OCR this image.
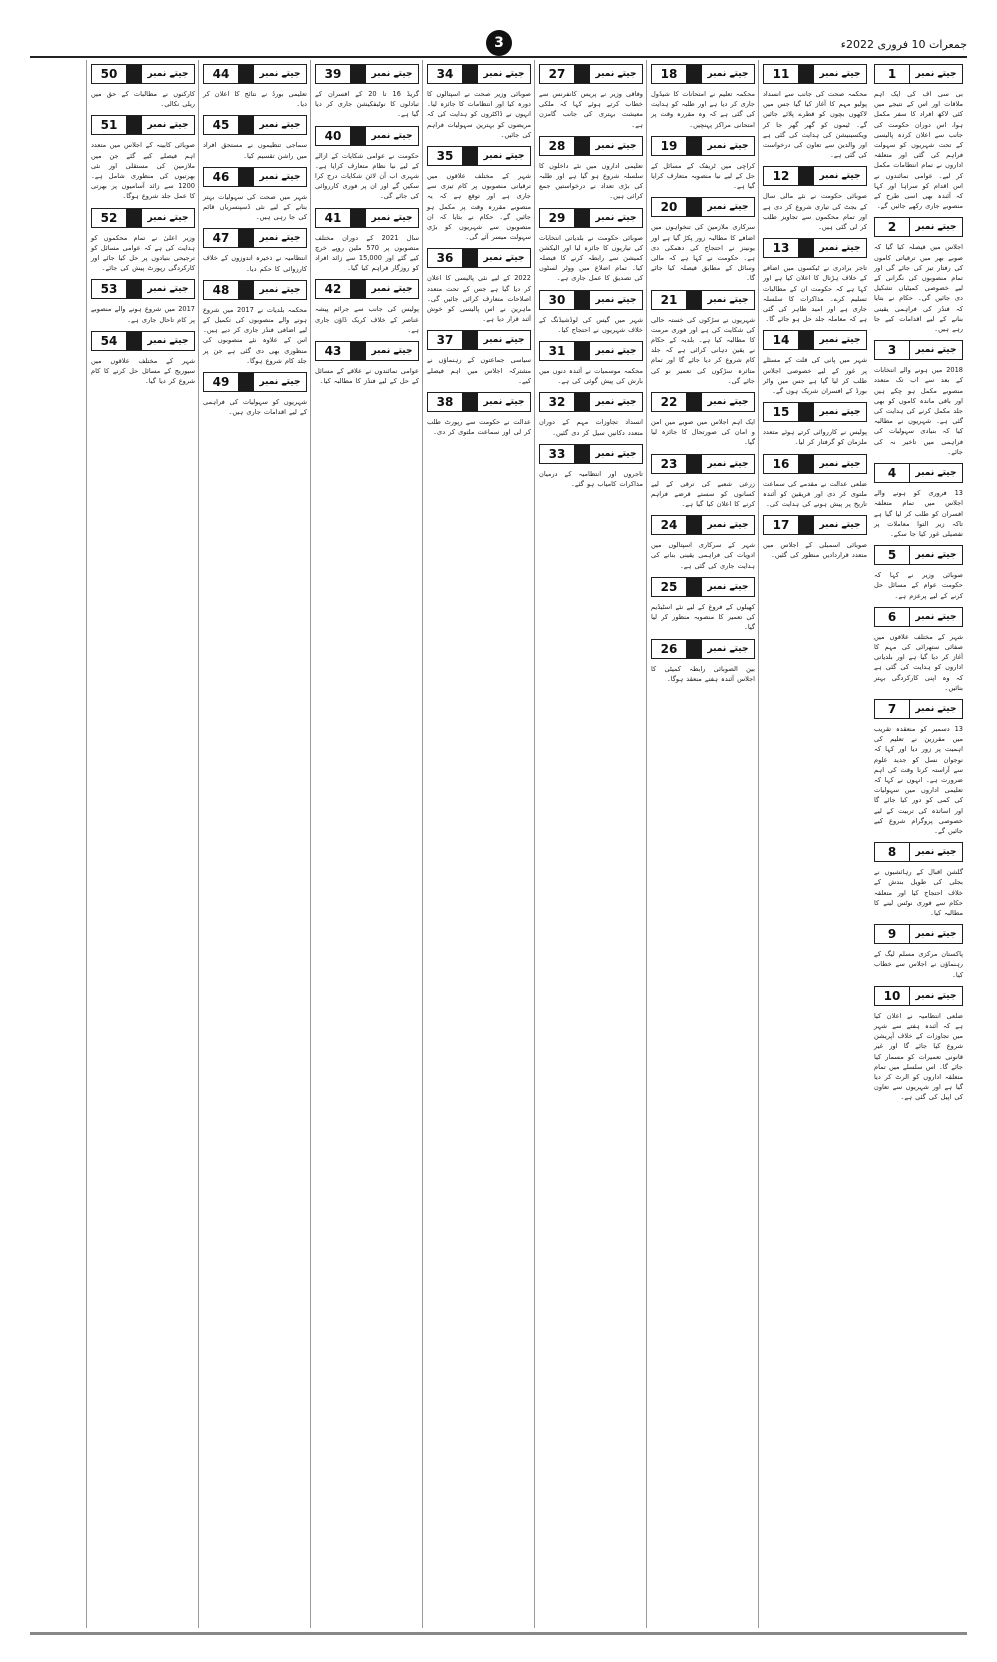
3	جمعرات 10 فروری 2022ء
1	جیتے نمبر
بی سی اف کی ایک اہم ملاقات اور اس کے نتیجے میں کئی لاکھ افراد کا سفر مکمل ہوا، اس دوران حکومت کی جانب سے اعلان کردہ پالیسی کے تحت شہریوں کو سہولت فراہم کی گئی اور متعلقہ اداروں نے تمام انتظامات مکمل کر لیے۔ عوامی نمائندوں نے اس اقدام کو سراہا اور کہا کہ آئندہ بھی اسی طرح کے منصوبے جاری رکھے جائیں گے۔
2	جیتے نمبر
اجلاس میں فیصلہ کیا گیا کہ صوبے بھر میں ترقیاتی کاموں کی رفتار تیز کی جائے گی اور تمام منصوبوں کی نگرانی کے لیے خصوصی کمیٹیاں تشکیل دی جائیں گی۔ حکام نے بتایا کہ فنڈز کی فراہمی یقینی بنانے کے لیے اقدامات کیے جا رہے ہیں۔
3	جیتے نمبر
2018 میں ہونے والے انتخابات کے بعد سے اب تک متعدد منصوبے مکمل ہو چکے ہیں اور باقی ماندہ کاموں کو بھی جلد مکمل کرنے کی ہدایت کی گئی ہے۔ شہریوں نے مطالبہ کیا کہ بنیادی سہولیات کی فراہمی میں تاخیر نہ کی جائے۔
4	جیتے نمبر
13 فروری کو ہونے والے اجلاس میں تمام متعلقہ افسران کو طلب کر لیا گیا ہے تاکہ زیر التوا معاملات پر تفصیلی غور کیا جا سکے۔
5	جیتے نمبر
صوبائی وزیر نے کہا کہ حکومت عوام کے مسائل حل کرنے کے لیے پرعزم ہے۔
6	جیتے نمبر
شہر کے مختلف علاقوں میں صفائی ستھرائی کی مہم کا آغاز کر دیا گیا ہے اور بلدیاتی اداروں کو ہدایت کی گئی ہے کہ وہ اپنی کارکردگی بہتر بنائیں۔
7	جیتے نمبر
13 دسمبر کو منعقدہ تقریب میں مقررین نے تعلیم کی اہمیت پر زور دیا اور کہا کہ نوجوان نسل کو جدید علوم سے آراستہ کرنا وقت کی اہم ضرورت ہے۔ انہوں نے کہا کہ تعلیمی اداروں میں سہولیات کی کمی کو دور کیا جائے گا اور اساتذہ کی تربیت کے لیے خصوصی پروگرام شروع کیے جائیں گے۔
8	جیتے نمبر
گلشن اقبال کے رہائشیوں نے بجلی کی طویل بندش کے خلاف احتجاج کیا اور متعلقہ حکام سے فوری نوٹس لینے کا مطالبہ کیا۔
9	جیتے نمبر
پاکستان مرکزی مسلم لیگ کے رہنماؤں نے اجلاس سے خطاب کیا۔
10	جیتے نمبر
ضلعی انتظامیہ نے اعلان کیا ہے کہ آئندہ ہفتے سے شہر میں تجاوزات کے خلاف آپریشن شروع کیا جائے گا اور غیر قانونی تعمیرات کو مسمار کیا جائے گا۔ اس سلسلے میں تمام متعلقہ اداروں کو الرٹ کر دیا گیا ہے اور شہریوں سے تعاون کی اپیل کی گئی ہے۔
11	جیتے نمبر
محکمہ صحت کی جانب سے انسداد پولیو مہم کا آغاز کیا گیا جس میں لاکھوں بچوں کو قطرے پلائے جائیں گے۔ ٹیموں کو گھر گھر جا کر ویکسینیشن کی ہدایت کی گئی ہے اور والدین سے تعاون کی درخواست کی گئی ہے۔
12	جیتے نمبر
صوبائی حکومت نے نئے مالی سال کے بجٹ کی تیاری شروع کر دی ہے اور تمام محکموں سے تجاویز طلب کر لی گئی ہیں۔
13	جیتے نمبر
تاجر برادری نے ٹیکسوں میں اضافے کے خلاف ہڑتال کا اعلان کیا ہے اور کہا ہے کہ حکومت ان کے مطالبات تسلیم کرے۔ مذاکرات کا سلسلہ جاری ہے اور امید ظاہر کی گئی ہے کہ معاملہ جلد حل ہو جائے گا۔
14	جیتے نمبر
شہر میں پانی کی قلت کے مسئلے پر غور کے لیے خصوصی اجلاس طلب کر لیا گیا ہے جس میں واٹر بورڈ کے افسران شریک ہوں گے۔
15	جیتے نمبر
پولیس نے کارروائی کرتے ہوئے متعدد ملزمان کو گرفتار کر لیا۔
16	جیتے نمبر
ضلعی عدالت نے مقدمے کی سماعت ملتوی کر دی اور فریقین کو آئندہ تاریخ پر پیش ہونے کی ہدایت کی۔
17	جیتے نمبر
صوبائی اسمبلی کے اجلاس میں متعدد قراردادیں منظور کی گئیں۔
18	جیتے نمبر
محکمہ تعلیم نے امتحانات کا شیڈول جاری کر دیا ہے اور طلبہ کو ہدایت کی گئی ہے کہ وہ مقررہ وقت پر امتحانی مراکز پہنچیں۔
19	جیتے نمبر
کراچی میں ٹریفک کے مسائل کے حل کے لیے نیا منصوبہ متعارف کرایا گیا ہے۔
20	جیتے نمبر
سرکاری ملازمین کی تنخواہوں میں اضافے کا مطالبہ زور پکڑ گیا ہے اور یونینز نے احتجاج کی دھمکی دی ہے۔ حکومت نے کہا ہے کہ مالی وسائل کے مطابق فیصلہ کیا جائے گا۔
21	جیتے نمبر
شہریوں نے سڑکوں کی خستہ حالی کی شکایت کی ہے اور فوری مرمت کا مطالبہ کیا ہے۔ بلدیہ کے حکام نے یقین دہانی کرائی ہے کہ جلد کام شروع کر دیا جائے گا اور تمام متاثرہ سڑکوں کی تعمیر نو کی جائے گی۔
22	جیتے نمبر
ایک اہم اجلاس میں صوبے میں امن و امان کی صورتحال کا جائزہ لیا گیا۔
23	جیتے نمبر
زرعی شعبے کی ترقی کے لیے کسانوں کو سستے قرضے فراہم کرنے کا اعلان کیا گیا ہے۔
24	جیتے نمبر
شہر کے سرکاری اسپتالوں میں ادویات کی فراہمی یقینی بنانے کی ہدایت جاری کی گئی ہے۔
25	جیتے نمبر
کھیلوں کے فروغ کے لیے نئے اسٹیڈیم کی تعمیر کا منصوبہ منظور کر لیا گیا۔
26	جیتے نمبر
بین الصوبائی رابطہ کمیٹی کا اجلاس آئندہ ہفتے منعقد ہوگا۔
27	جیتے نمبر
وفاقی وزیر نے پریس کانفرنس سے خطاب کرتے ہوئے کہا کہ ملکی معیشت بہتری کی جانب گامزن ہے۔
28	جیتے نمبر
تعلیمی اداروں میں نئے داخلوں کا سلسلہ شروع ہو گیا ہے اور طلبہ کی بڑی تعداد نے درخواستیں جمع کرائی ہیں۔
29	جیتے نمبر
صوبائی حکومت نے بلدیاتی انتخابات کی تیاریوں کا جائزہ لیا اور الیکشن کمیشن سے رابطہ کرنے کا فیصلہ کیا۔ تمام اضلاع میں ووٹر لسٹوں کی تصدیق کا عمل جاری ہے۔
30	جیتے نمبر
شہر میں گیس کی لوڈشیڈنگ کے خلاف شہریوں نے احتجاج کیا۔
31	جیتے نمبر
محکمہ موسمیات نے آئندہ دنوں میں بارش کی پیش گوئی کی ہے۔
32	جیتے نمبر
انسداد تجاوزات مہم کے دوران متعدد دکانیں سیل کر دی گئیں۔
33	جیتے نمبر
تاجروں اور انتظامیہ کے درمیان مذاکرات کامیاب ہو گئے۔
34	جیتے نمبر
صوبائی وزیر صحت نے اسپتالوں کا دورہ کیا اور انتظامات کا جائزہ لیا۔ انہوں نے ڈاکٹروں کو ہدایت کی کہ مریضوں کو بہترین سہولیات فراہم کی جائیں۔
35	جیتے نمبر
شہر کے مختلف علاقوں میں ترقیاتی منصوبوں پر کام تیزی سے جاری ہے اور توقع ہے کہ یہ منصوبے مقررہ وقت پر مکمل ہو جائیں گے۔ حکام نے بتایا کہ ان منصوبوں سے شہریوں کو بڑی سہولت میسر آئے گی۔
36	جیتے نمبر
2022 کے لیے نئی پالیسی کا اعلان کر دیا گیا ہے جس کے تحت متعدد اصلاحات متعارف کرائی جائیں گی۔ ماہرین نے اس پالیسی کو خوش آئند قرار دیا ہے۔
37	جیتے نمبر
سیاسی جماعتوں کے رہنماؤں نے مشترکہ اجلاس میں اہم فیصلے کیے۔
38	جیتے نمبر
عدالت نے حکومت سے رپورٹ طلب کر لی اور سماعت ملتوی کر دی۔
39	جیتے نمبر
گریڈ 16 تا 20 کے افسران کے تبادلوں کا نوٹیفکیشن جاری کر دیا گیا ہے۔
40	جیتے نمبر
حکومت نے عوامی شکایات کے ازالے کے لیے نیا نظام متعارف کرایا ہے۔ شہری اب آن لائن شکایات درج کرا سکیں گے اور ان پر فوری کارروائی کی جائے گی۔
41	جیتے نمبر
سال 2021 کے دوران مختلف منصوبوں پر 570 ملین روپے خرچ کیے گئے اور 15,000 سے زائد افراد کو روزگار فراہم کیا گیا۔
42	جیتے نمبر
پولیس کی جانب سے جرائم پیشہ عناصر کے خلاف کریک ڈاؤن جاری ہے۔
43	جیتے نمبر
عوامی نمائندوں نے علاقے کے مسائل کے حل کے لیے فنڈز کا مطالبہ کیا۔
44	جیتے نمبر
تعلیمی بورڈ نے نتائج کا اعلان کر دیا۔
45	جیتے نمبر
سماجی تنظیموں نے مستحق افراد میں راشن تقسیم کیا۔
46	جیتے نمبر
شہر میں صحت کی سہولیات بہتر بنانے کے لیے نئی ڈسپنسریاں قائم کی جا رہی ہیں۔
47	جیتے نمبر
انتظامیہ نے ذخیرہ اندوزوں کے خلاف کارروائی کا حکم دیا۔
48	جیتے نمبر
محکمہ بلدیات نے 2017 میں شروع ہونے والے منصوبوں کی تکمیل کے لیے اضافی فنڈز جاری کر دیے ہیں۔ اس کے علاوہ نئے منصوبوں کی منظوری بھی دی گئی ہے جن پر جلد کام شروع ہوگا۔
49	جیتے نمبر
شہریوں کو سہولیات کی فراہمی کے لیے اقدامات جاری ہیں۔
50	جیتے نمبر
کارکنوں نے مطالبات کے حق میں ریلی نکالی۔
51	جیتے نمبر
صوبائی کابینہ کے اجلاس میں متعدد اہم فیصلے کیے گئے جن میں ملازمین کی مستقلی اور نئی بھرتیوں کی منظوری شامل ہے۔ 1200 سے زائد آسامیوں پر بھرتی کا عمل جلد شروع ہوگا۔
52	جیتے نمبر
وزیر اعلیٰ نے تمام محکموں کو ہدایت کی ہے کہ عوامی مسائل کو ترجیحی بنیادوں پر حل کیا جائے اور کارکردگی رپورٹ پیش کی جائے۔
53	جیتے نمبر
2017 میں شروع ہونے والے منصوبے پر کام تاحال جاری ہے۔
54	جیتے نمبر
شہر کے مختلف علاقوں میں سیوریج کے مسائل حل کرنے کا کام شروع کر دیا گیا۔
